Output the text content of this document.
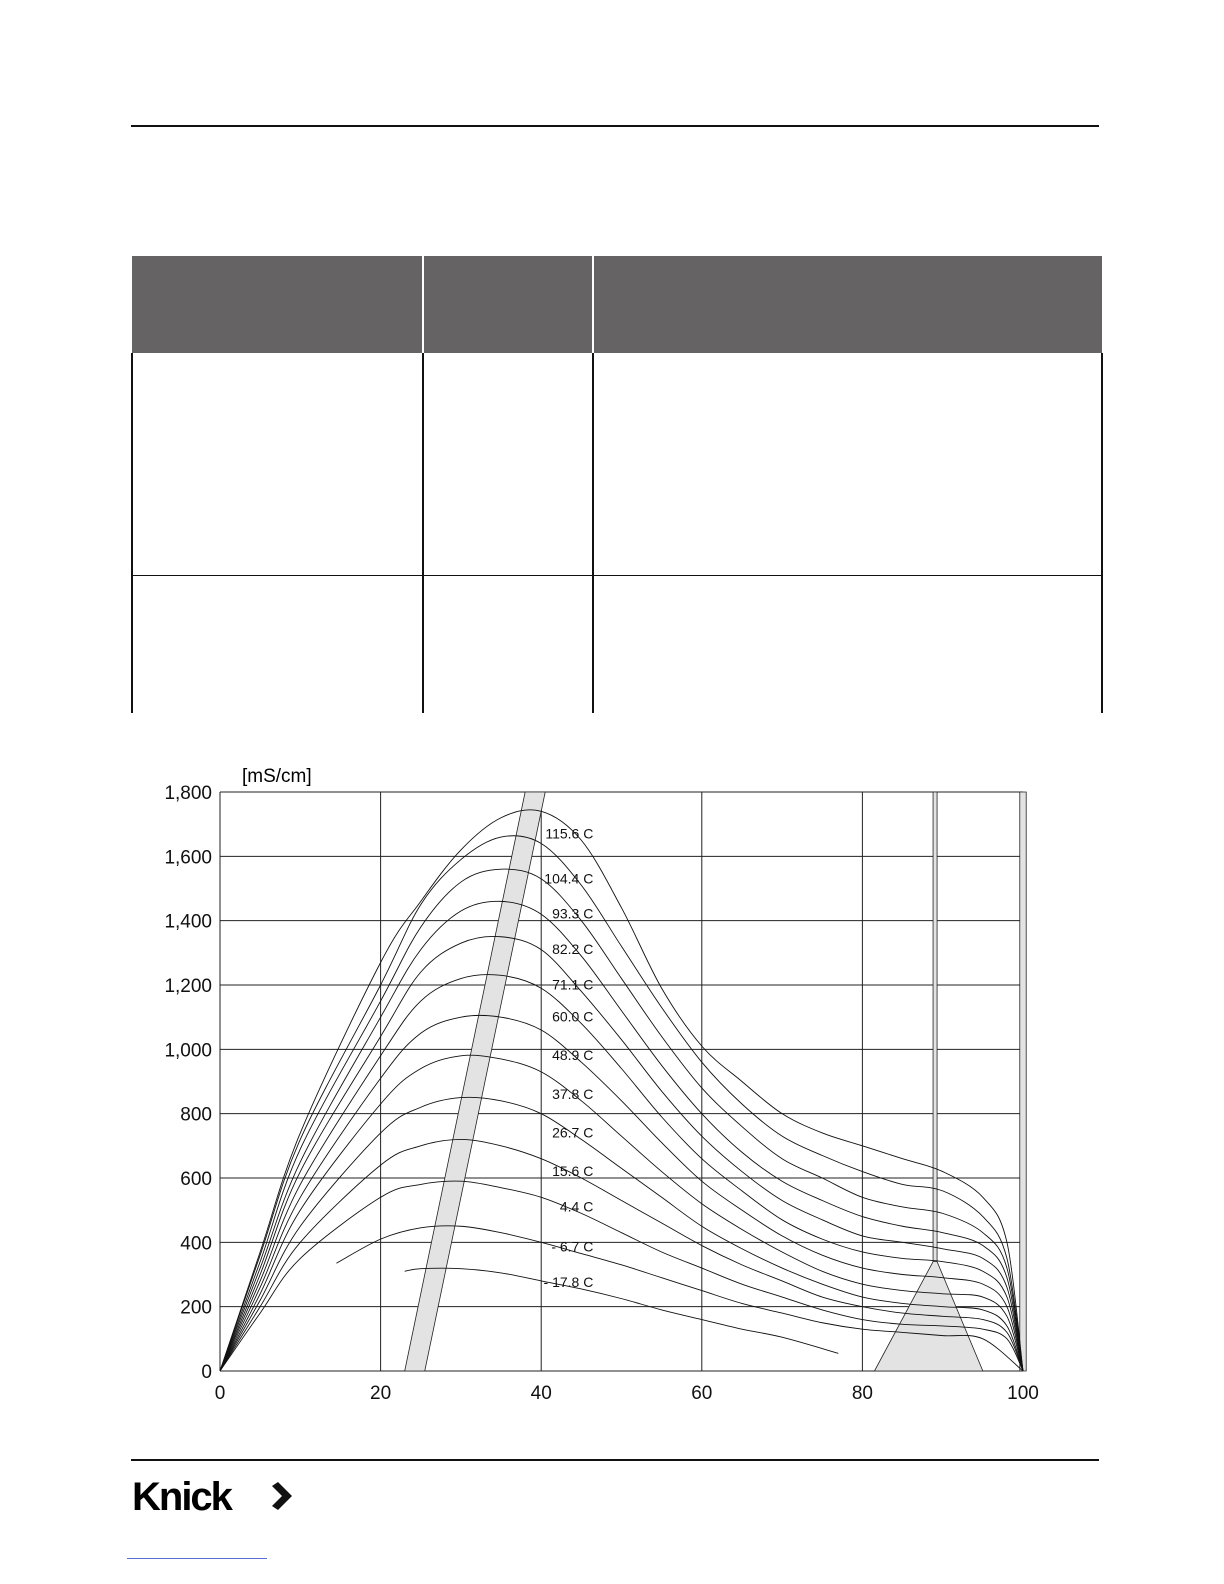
0	20	40	60	80	100
0
200
400
600
800
1,000
1,200
1,400
1,600
1,800
115.6 C
104.4 C
93.3 C
82.2 C
71.1 C
60.0 C
48.9 C
37.8 C
26.7 C
15.6 C
4.4 C
- 6.7 C
- 17.8 C
[mS/cm]
Knick
